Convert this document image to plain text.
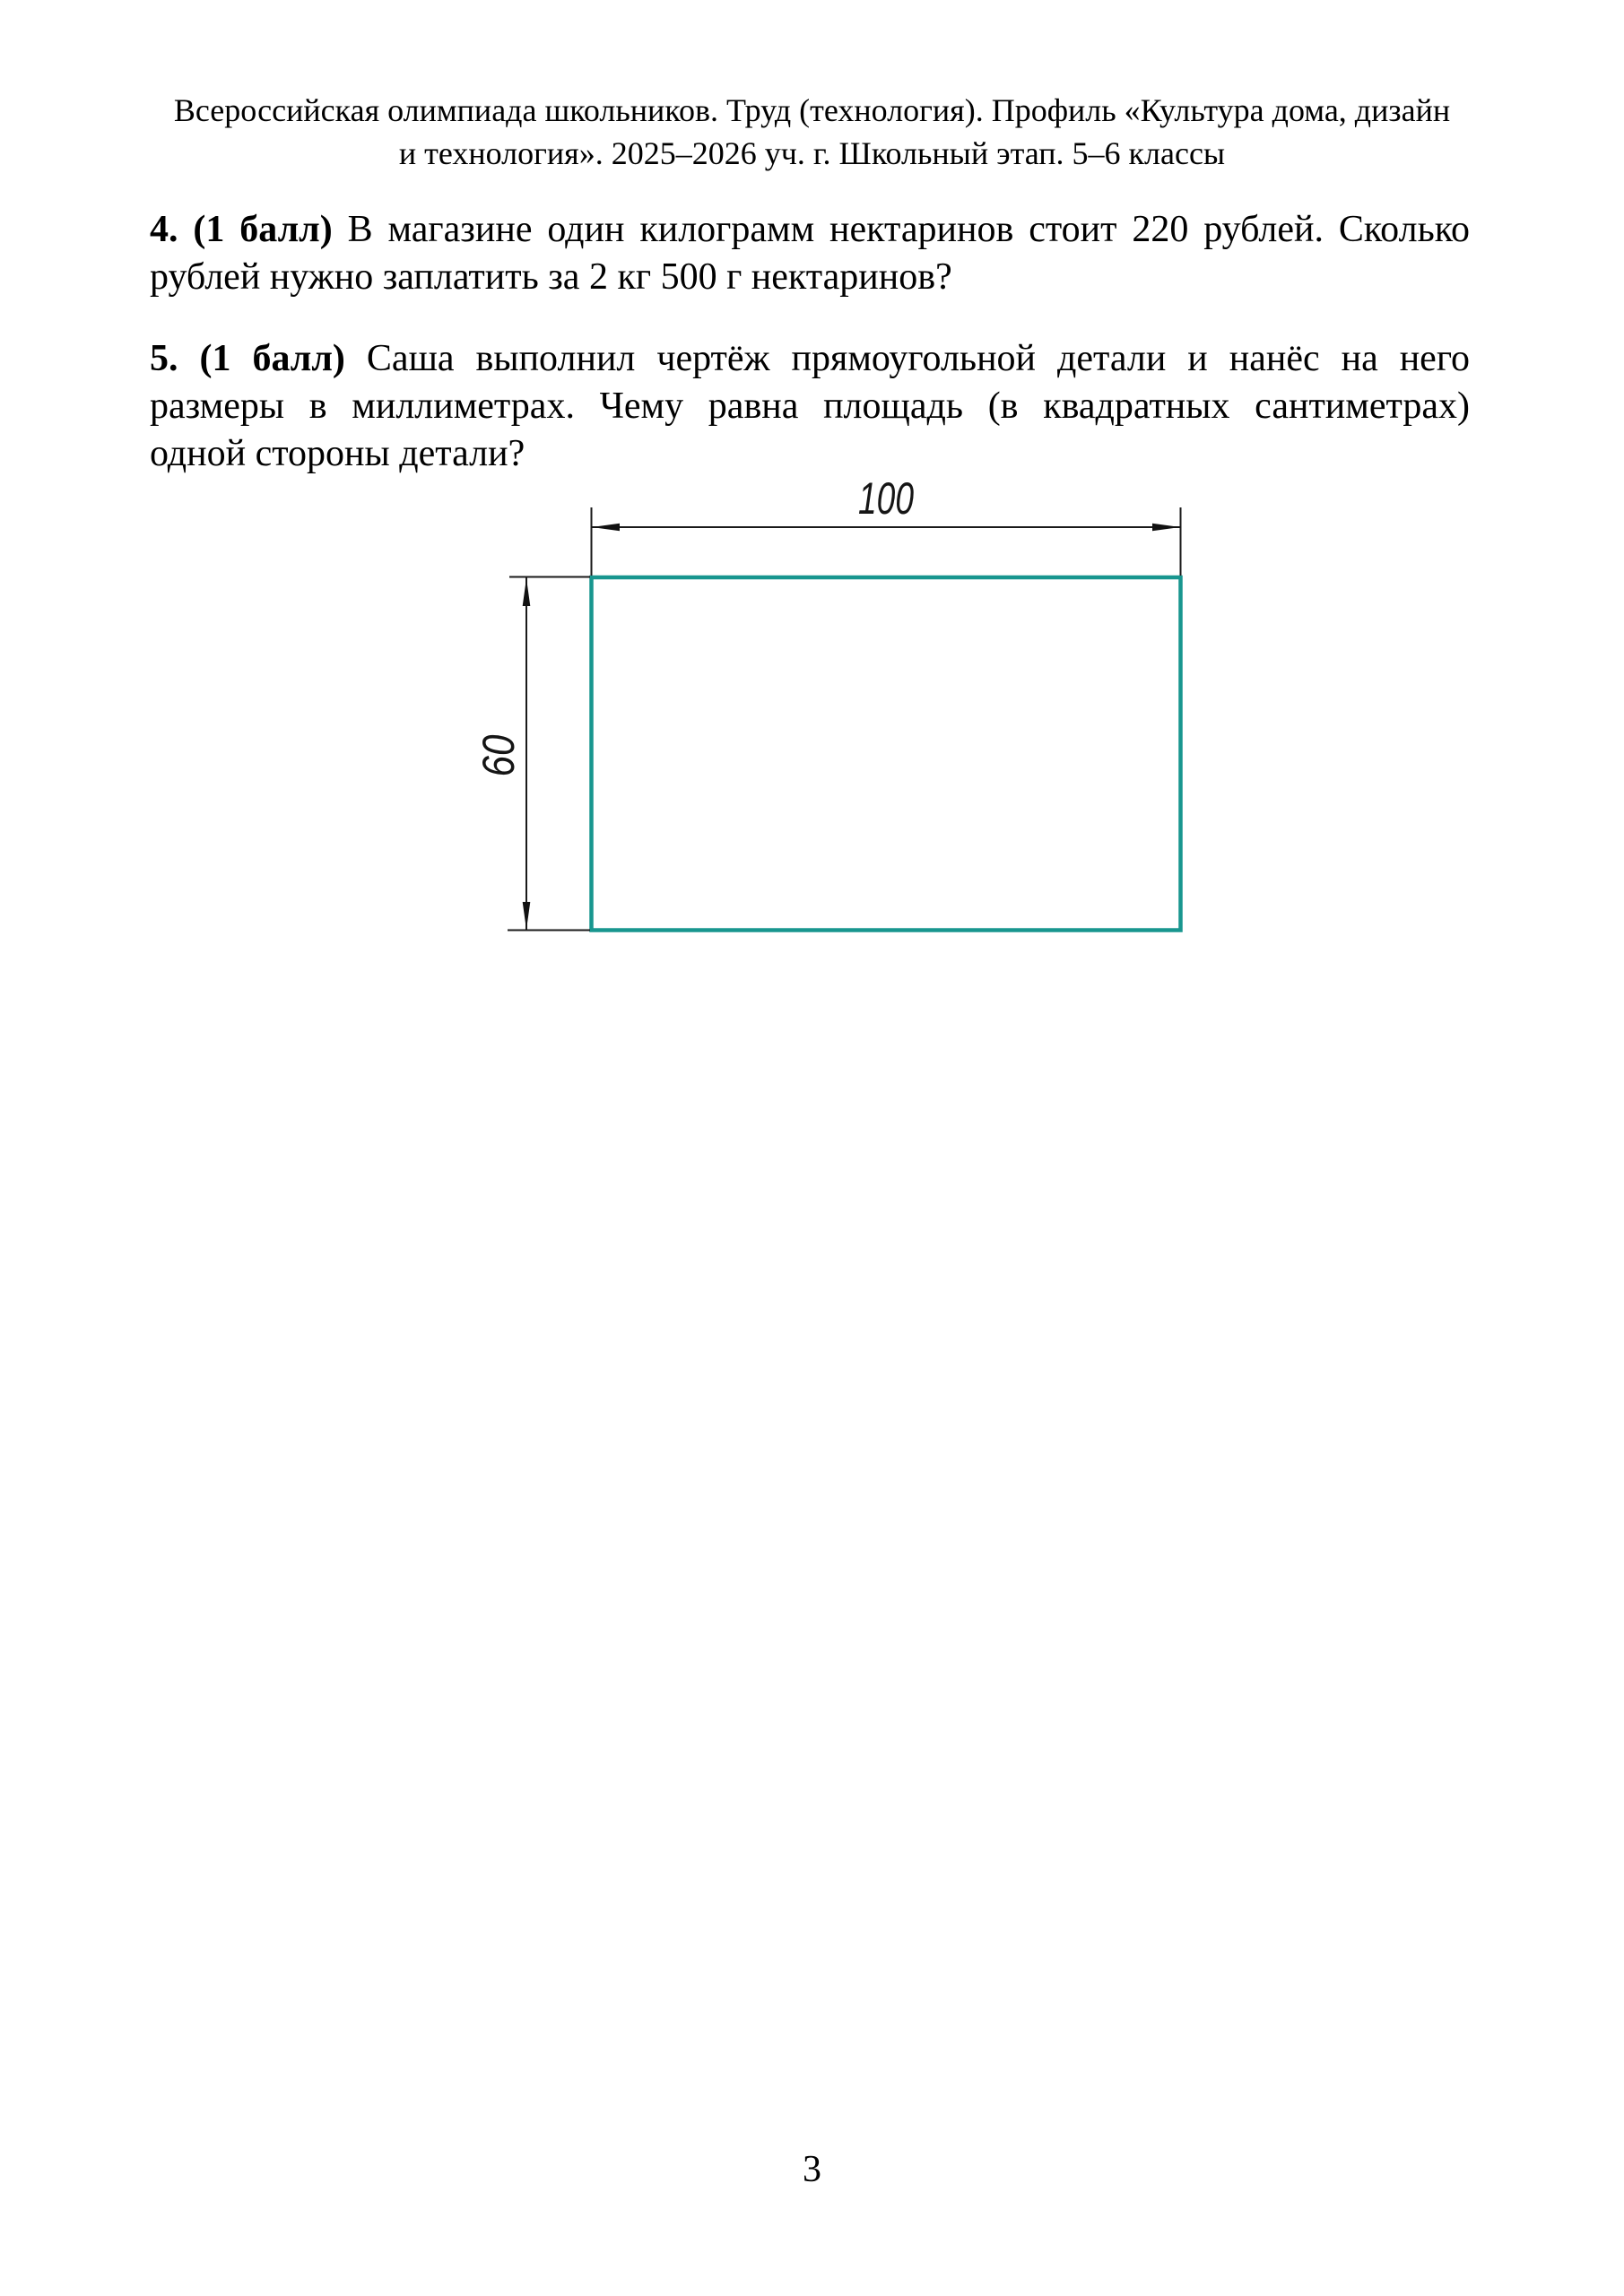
Всероссийская олимпиада школьников. Труд (технология). Профиль «Культура дома, дизайн
и технология». 2025–2026 уч. г. Школьный этап. 5–6 классы
4. (1 балл) В магазине один килограмм нектаринов стоит 220 рублей. Сколько
рублей нужно заплатить за 2 кг 500 г нектаринов?
5. (1 балл) Саша выполнил чертёж прямоугольной детали и нанёс на него
размеры в миллиметрах. Чему равна площадь (в квадратных сантиметрах)
одной стороны детали?
100
60
3
